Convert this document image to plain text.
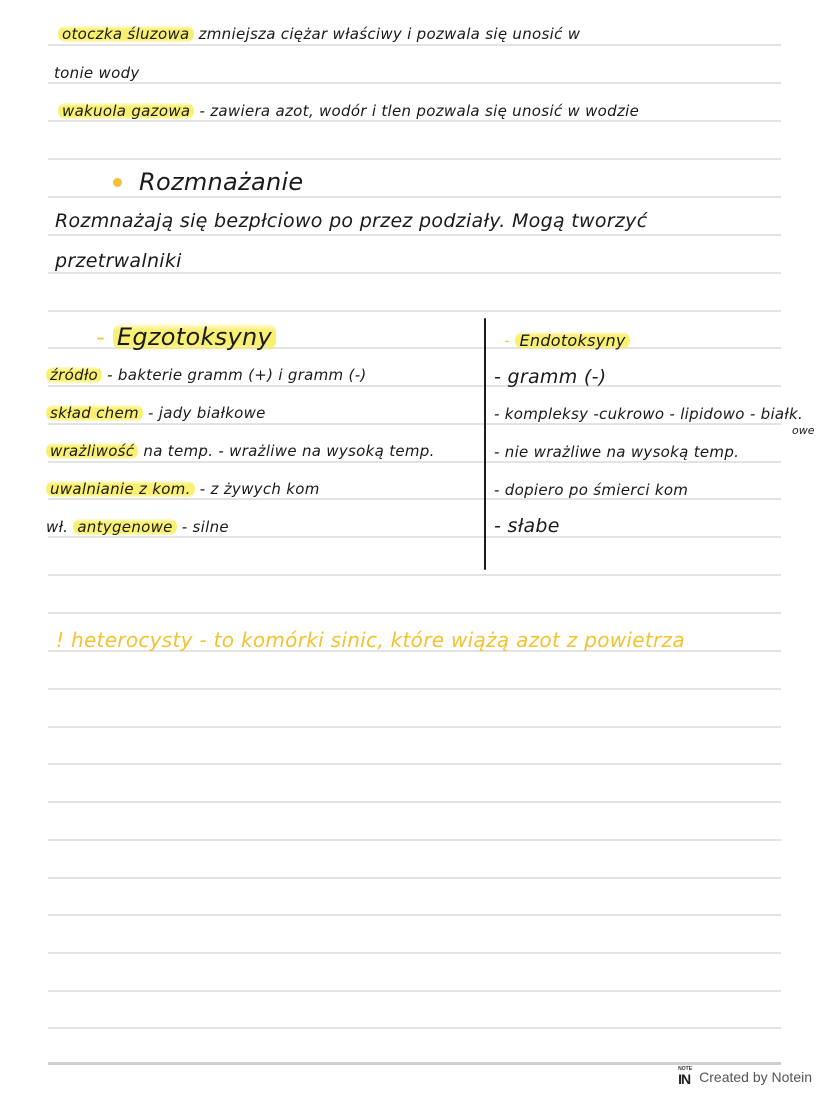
otoczka śluzowa zmniejsza ciężar właściwy i pozwala się unosić w
tonie wody
wakuola gazowa - zawiera azot, wodór i tlen pozwala się unosić w wodzie
Rozmnażanie
Rozmnażają się bezpłciowo po przez podziały. Mogą tworzyć
przetrwalniki
- Egzotoksyny
źródło - bakterie gramm (+) i gramm (-)
skład chem - jady białkowe
wrażliwość na temp. - wrażliwe na wysoką temp.
uwalnianie z kom. - z żywych kom
wł. antygenowe - silne
- Endotoksyny
- gramm (-)
- kompleksy -cukrowo - lipidowo - białk.
owe
- nie wrażliwe na wysoką temp.
- dopiero po śmierci kom
- słabe
! heterocysty - to komórki sinic, które wiążą azot z powietrza
NOTE
IN Created by Notein
